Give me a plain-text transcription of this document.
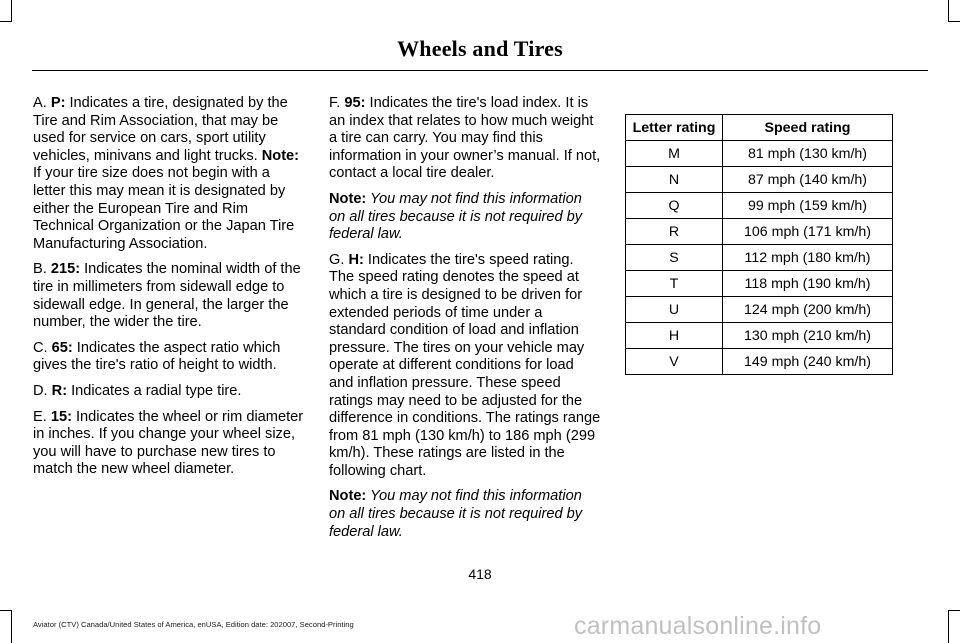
Wheels and Tires

A. P: Indicates a tire, designated by the Tire and Rim Association, that may be used for service on cars, sport utility vehicles, minivans and light trucks. Note: If your tire size does not begin with a letter this may mean it is designated by either the European Tire and Rim Technical Organization or the Japan Tire Manufacturing Association.

B. 215: Indicates the nominal width of the tire in millimeters from sidewall edge to sidewall edge. In general, the larger the number, the wider the tire.

C. 65: Indicates the aspect ratio which gives the tire's ratio of height to width.

D. R: Indicates a radial type tire.

E. 15: Indicates the wheel or rim diameter in inches. If you change your wheel size, you will have to purchase new tires to match the new wheel diameter.

F. 95: Indicates the tire's load index. It is an index that relates to how much weight a tire can carry. You may find this information in your owner’s manual. If not, contact a local tire dealer.

Note: You may not find this information on all tires because it is not required by federal law.

G. H: Indicates the tire's speed rating. The speed rating denotes the speed at which a tire is designed to be driven for extended periods of time under a standard condition of load and inflation pressure. The tires on your vehicle may operate at different conditions for load and inflation pressure. These speed ratings may need to be adjusted for the difference in conditions. The ratings range from 81 mph (130 km/h) to 186 mph (299 km/h). These ratings are listed in the following chart.

Note: You may not find this information on all tires because it is not required by federal law.

Letter rating	Speed rating
M	81 mph (130 km/h)
N	87 mph (140 km/h)
Q	99 mph (159 km/h)
R	106 mph (171 km/h)
S	112 mph (180 km/h)
T	118 mph (190 km/h)
U	124 mph (200 km/h)
H	130 mph (210 km/h)
V	149 mph (240 km/h)
418
Aviator (CTV) Canada/United States of America, enUSA, Edition date: 202007, Second-Printing	carmanualsonline.info
